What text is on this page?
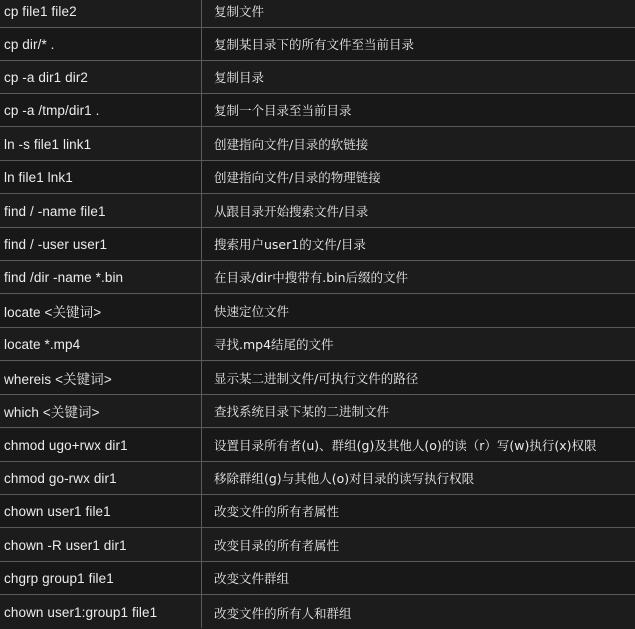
cp file1 file2	复制文件
cp dir/* .	复制某目录下的所有文件至当前目录
cp -a dir1 dir2	复制目录
cp -a /tmp/dir1 .	复制一个目录至当前目录
ln -s file1 link1	创建指向文件/目录的软链接
ln file1 lnk1	创建指向文件/目录的物理链接
find / -name file1	从跟目录开始搜索文件/目录
find / -user user1	搜索用户user1的文件/目录
find /dir -name *.bin	在目录/dir中搜带有.bin后缀的文件
locate <关键词>	快速定位文件
locate *.mp4	寻找.mp4结尾的文件
whereis <关键词>	显示某二进制文件/可执行文件的路径
which <关键词>	查找系统目录下某的二进制文件
chmod ugo+rwx dir1	设置目录所有者(u)、群组(g)及其他人(o)的读（r）写(w)执行(x)权限
chmod go-rwx dir1	移除群组(g)与其他人(o)对目录的读写执行权限
chown user1 file1	改变文件的所有者属性
chown -R user1 dir1	改变目录的所有者属性
chgrp group1 file1	改变文件群组
chown user1:group1 file1	改变文件的所有人和群组
